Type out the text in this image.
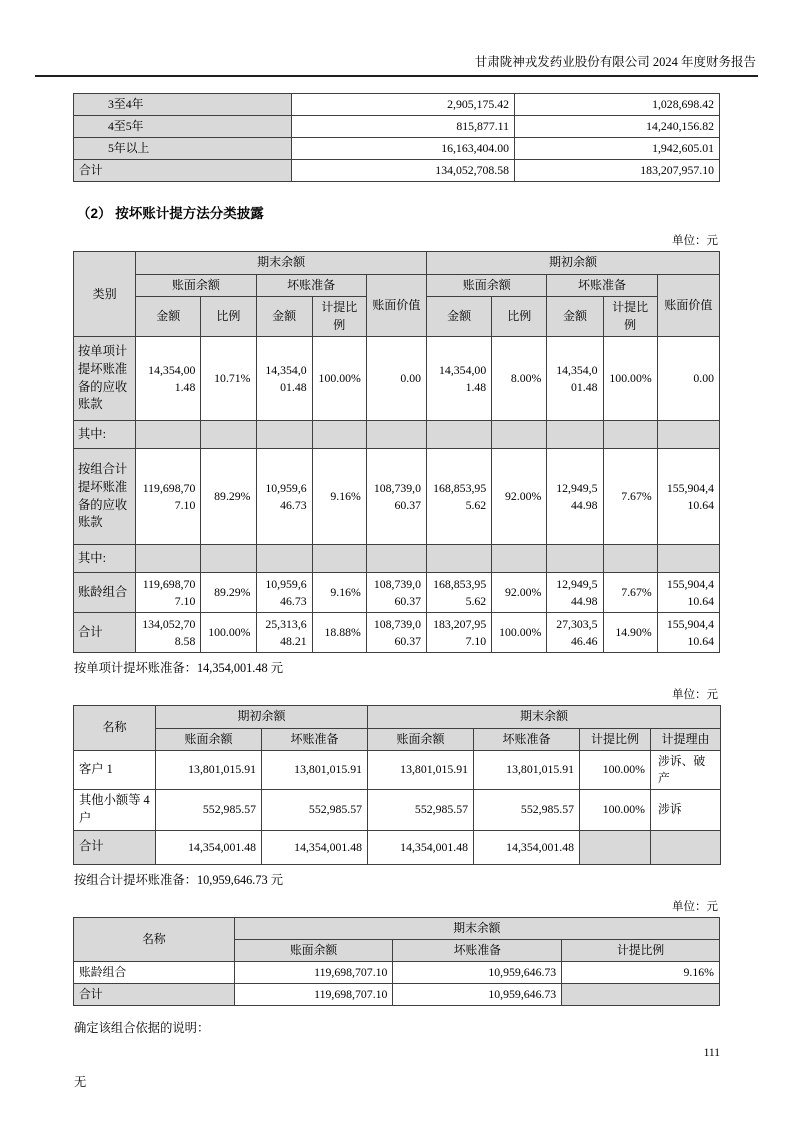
甘肃陇神戎发药业股份有限公司 2024 年度财务报告
3至4年	2,905,175.42	1,028,698.42
4至5年	815,877.11	14,240,156.82
5年以上	16,163,404.00	1,942,605.01
合计	134,052,708.58	183,207,957.10
（2） 按坏账计提方法分类披露
单位：元
类别	期末余额					期初余额				
	账面余额		坏账准备		账面价值	账面余额		坏账准备		账面价值
	金额	比例	金额	计提比例		金额	比例	金额	计提比例	
按单项计提坏账准备的应收账款	14,354,001.48	10.71%	14,354,001.48	100.00%	0.00	14,354,001.48	8.00%	14,354,001.48	100.00%	0.00
其中:										
按组合计提坏账准备的应收账款	119,698,707.10	89.29%	10,959,646.73	9.16%	108,739,060.37	168,853,955.62	92.00%	12,949,544.98	7.67%	155,904,410.64
其中:										
账龄组合	119,698,707.10	89.29%	10,959,646.73	9.16%	108,739,060.37	168,853,955.62	92.00%	12,949,544.98	7.67%	155,904,410.64
合计	134,052,708.58	100.00%	25,313,648.21	18.88%	108,739,060.37	183,207,957.10	100.00%	27,303,546.46	14.90%	155,904,410.64
按单项计提坏账准备：14,354,001.48 元
单位：元
名称	期初余额		期末余额			
	账面余额	坏账准备	账面余额	坏账准备	计提比例	计提理由
客户 1	13,801,015.91	13,801,015.91	13,801,015.91	13,801,015.91	100.00%	涉诉、破产
其他小额等 4 户	552,985.57	552,985.57	552,985.57	552,985.57	100.00%	涉诉
合计	14,354,001.48	14,354,001.48	14,354,001.48	14,354,001.48		
按组合计提坏账准备：10,959,646.73 元
单位：元
名称	期末余额		
	账面余额	坏账准备	计提比例
账龄组合	119,698,707.10	10,959,646.73	9.16%
合计	119,698,707.10	10,959,646.73	
确定该组合依据的说明：
无
111
